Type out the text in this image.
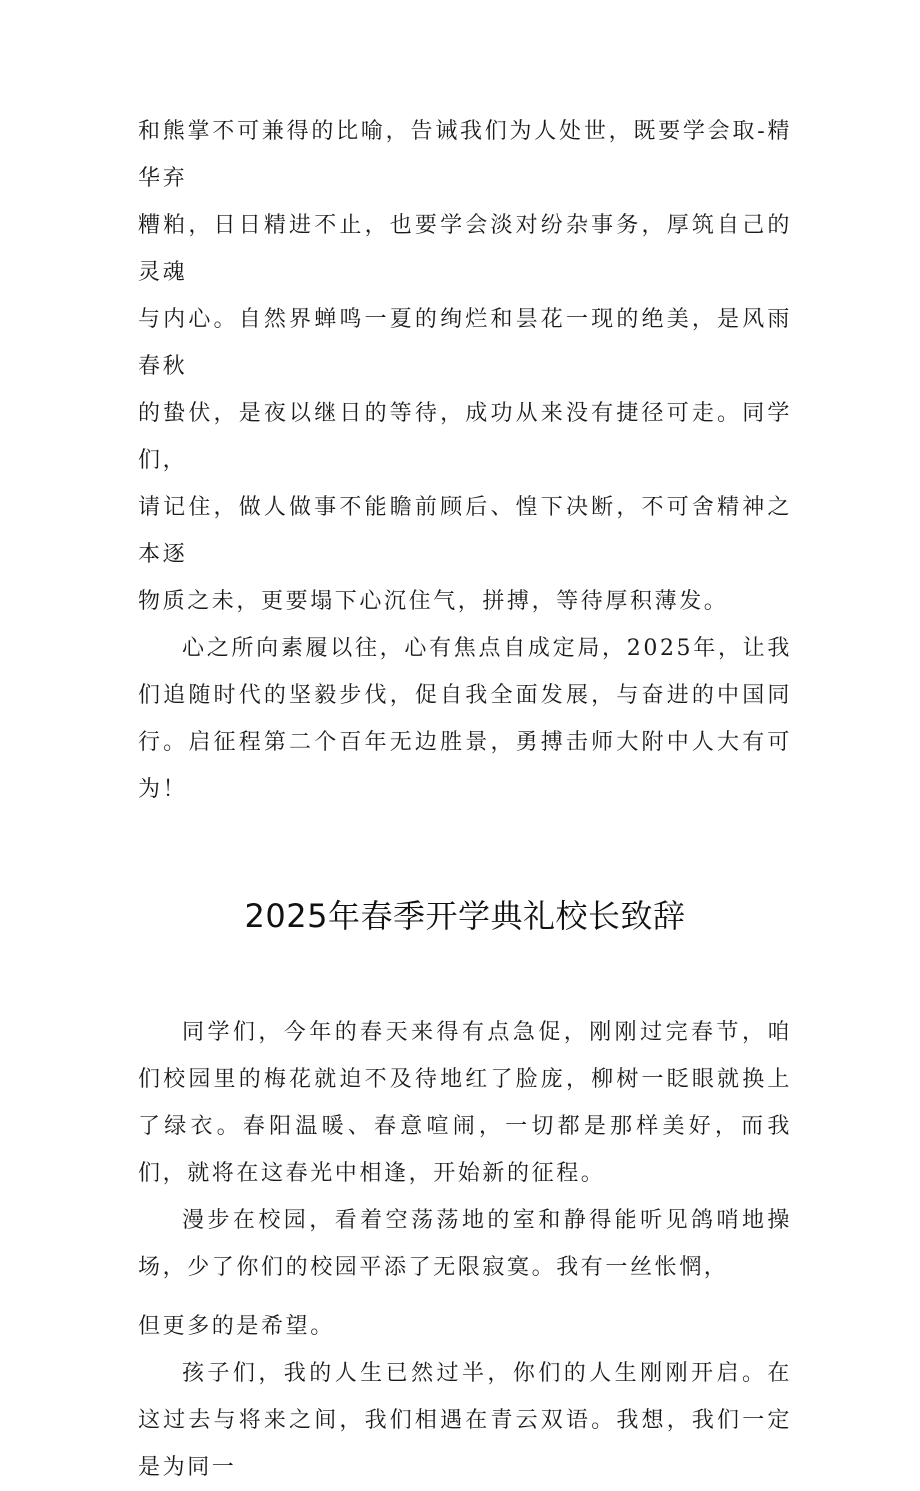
和熊掌不可兼得的比喻，告诫我们为人处世，既要学会取-精华弃
糟粕，日日精进不止，也要学会淡对纷杂事务，厚筑自己的灵魂
与内心。自然界蝉鸣一夏的绚烂和昙花一现的绝美，是风雨春秋
的蛰伏，是夜以继日的等待，成功从来没有捷径可走。同学们，
请记住，做人做事不能瞻前顾后、惶下决断，不可舍精神之本逐
物质之未，更要塌下心沉住气，拼搏，等待厚积薄发。

心之所向素履以往，心有焦点自成定局，2025年，让我们追随时代的坚毅步伐，促自我全面发展，与奋进的中国同行。启征程第二个百年无边胜景，勇搏击师大附中人大有可为！

2025年春季开学典礼校长致辞

同学们，今年的春天来得有点急促，刚刚过完春节，咱们校园里的梅花就迫不及待地红了脸庞，柳树一眨眼就换上了绿衣。春阳温暖、春意喧闹，一切都是那样美好，而我们，就将在这春光中相逢，开始新的征程。

漫步在校园，看着空荡荡地的室和静得能听见鸽哨地操场，少了你们的校园平添了无限寂寞。我有一丝怅惘，

但更多的是希望。

孩子们，我的人生已然过半，你们的人生刚刚开启。在这过去与将来之间，我们相遇在青云双语。我想，我们一定是为同一
